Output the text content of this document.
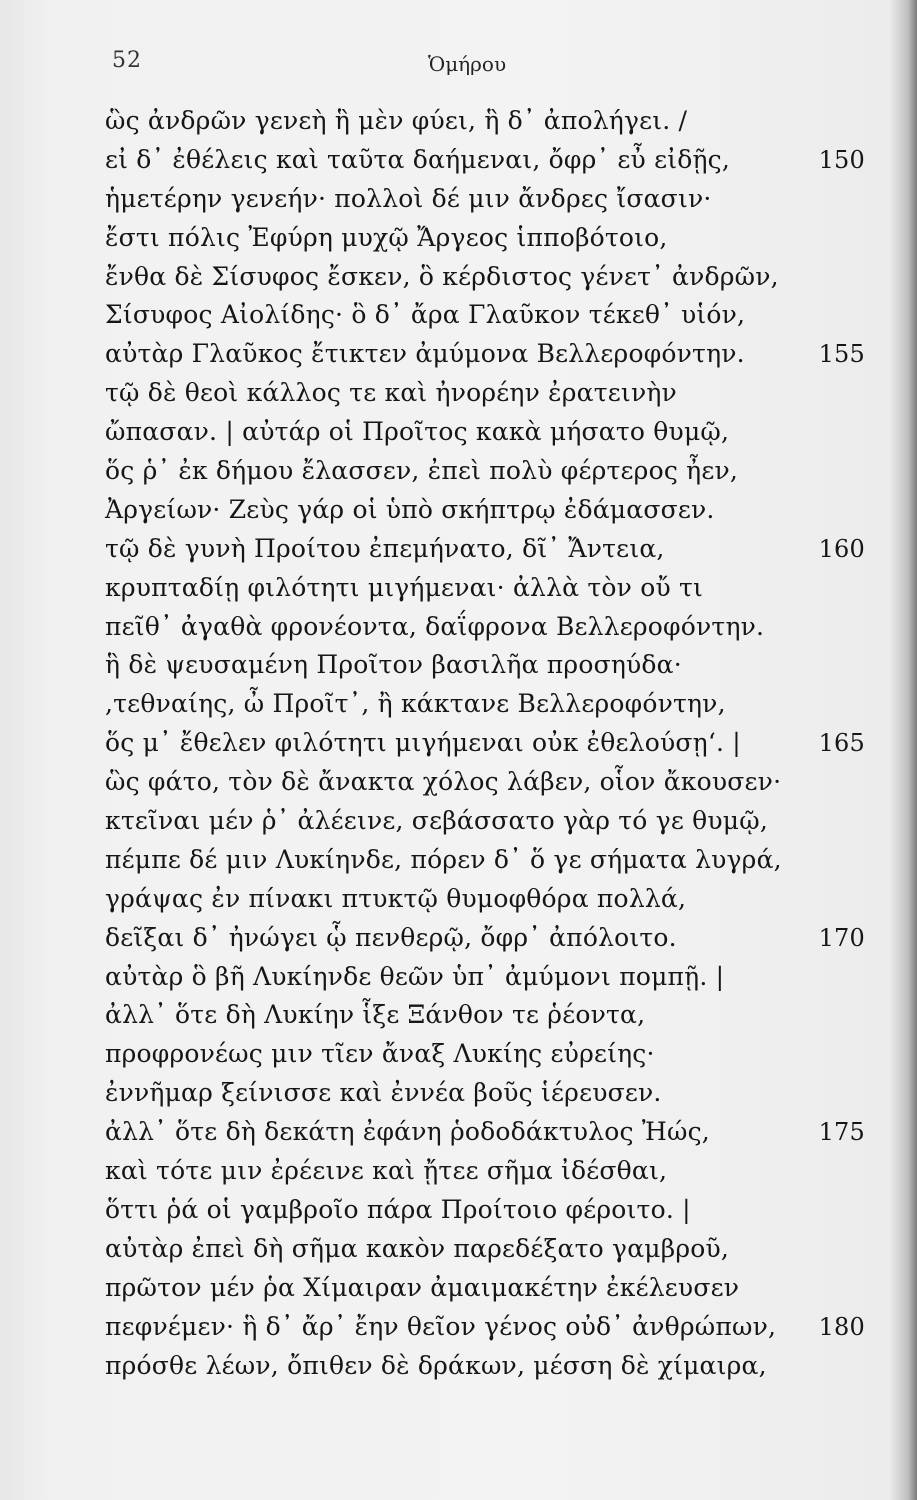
52	Ὁμήρου
ὣς ἀνδρῶν γενεὴ ἣ μὲν φύει, ἣ δ᾽ ἀπολήγει. /
εἰ δ᾽ ἐθέλεις καὶ ταῦτα δαήμεναι, ὄφρ᾽ εὖ εἰδῇς,	150
ἡμετέρην γενεήν· πολλοὶ δέ μιν ἄνδρες ἴσασιν·
ἔστι πόλις Ἐφύρη μυχῷ Ἄργεος ἱπποβότοιο,
ἔνθα δὲ Σίσυφος ἔσκεν, ὃ κέρδιστος γένετ᾽ ἀνδρῶν,
Σίσυφος Αἰολίδης· ὃ δ᾽ ἄρα Γλαῦκον τέκεθ᾽ υἱόν,
αὐτὰρ Γλαῦκος ἔτικτεν ἀμύμονα Βελλεροφόντην.	155
τῷ δὲ θεοὶ κάλλος τε καὶ ἠνορέην ἐρατεινὴν
ὤπασαν. | αὐτάρ οἱ Προῖτος κακὰ μήσατο θυμῷ,
ὅς ῥ᾽ ἐκ δήμου ἔλασσεν, ἐπεὶ πολὺ φέρτερος ἦεν,
Ἀργείων· Ζεὺς γάρ οἱ ὑπὸ σκήπτρῳ ἐδάμασσεν.
τῷ δὲ γυνὴ Προίτου ἐπεμήνατο, δῖ᾽ Ἄντεια,	160
κρυπταδίῃ φιλότητι μιγήμεναι· ἀλλὰ τὸν οὔ τι
πεῖθ᾽ ἀγαθὰ φρονέοντα, δαΐφρονα Βελλεροφόντην.
ἣ δὲ ψευσαμένη Προῖτον βασιλῆα προσηύδα·
,τεθναίης, ὦ Προῖτ᾽, ἢ κάκτανε Βελλεροφόντην,
ὅς μ᾽ ἔθελεν φιλότητι μιγήμεναι οὐκ ἐθελούσῃ‘. |	165
ὣς φάτο, τὸν δὲ ἄνακτα χόλος λάβεν, οἷον ἄκουσεν·
κτεῖναι μέν ῥ᾽ ἀλέεινε, σεβάσσατο γὰρ τό γε θυμῷ,
πέμπε δέ μιν Λυκίηνδε, πόρεν δ᾽ ὅ γε σήματα λυγρά,
γράψας ἐν πίνακι πτυκτῷ θυμοφθόρα πολλά,
δεῖξαι δ᾽ ἠνώγει ᾧ πενθερῷ, ὄφρ᾽ ἀπόλοιτο.	170
αὐτὰρ ὃ βῆ Λυκίηνδε θεῶν ὑπ᾽ ἀμύμονι πομπῇ. |
ἀλλ᾽ ὅτε δὴ Λυκίην ἷξε Ξάνθον τε ῥέοντα,
προφρονέως μιν τῖεν ἄναξ Λυκίης εὐρείης·
ἐννῆμαρ ξείνισσε καὶ ἐννέα βοῦς ἱέρευσεν.
ἀλλ᾽ ὅτε δὴ δεκάτη ἐφάνη ῥοδοδάκτυλος Ἠώς,	175
καὶ τότε μιν ἐρέεινε καὶ ᾔτεε σῆμα ἰδέσθαι,
ὅττι ῥά οἱ γαμβροῖο πάρα Προίτοιο φέροιτο. |
αὐτὰρ ἐπεὶ δὴ σῆμα κακὸν παρεδέξατο γαμβροῦ,
πρῶτον μέν ῥα Χίμαιραν ἀμαιμακέτην ἐκέλευσεν
πεφνέμεν· ἣ δ᾽ ἄρ᾽ ἔην θεῖον γένος οὐδ᾽ ἀνθρώπων, 180
πρόσθε λέων, ὄπιθεν δὲ δράκων, μέσση δὲ χίμαιρα,
